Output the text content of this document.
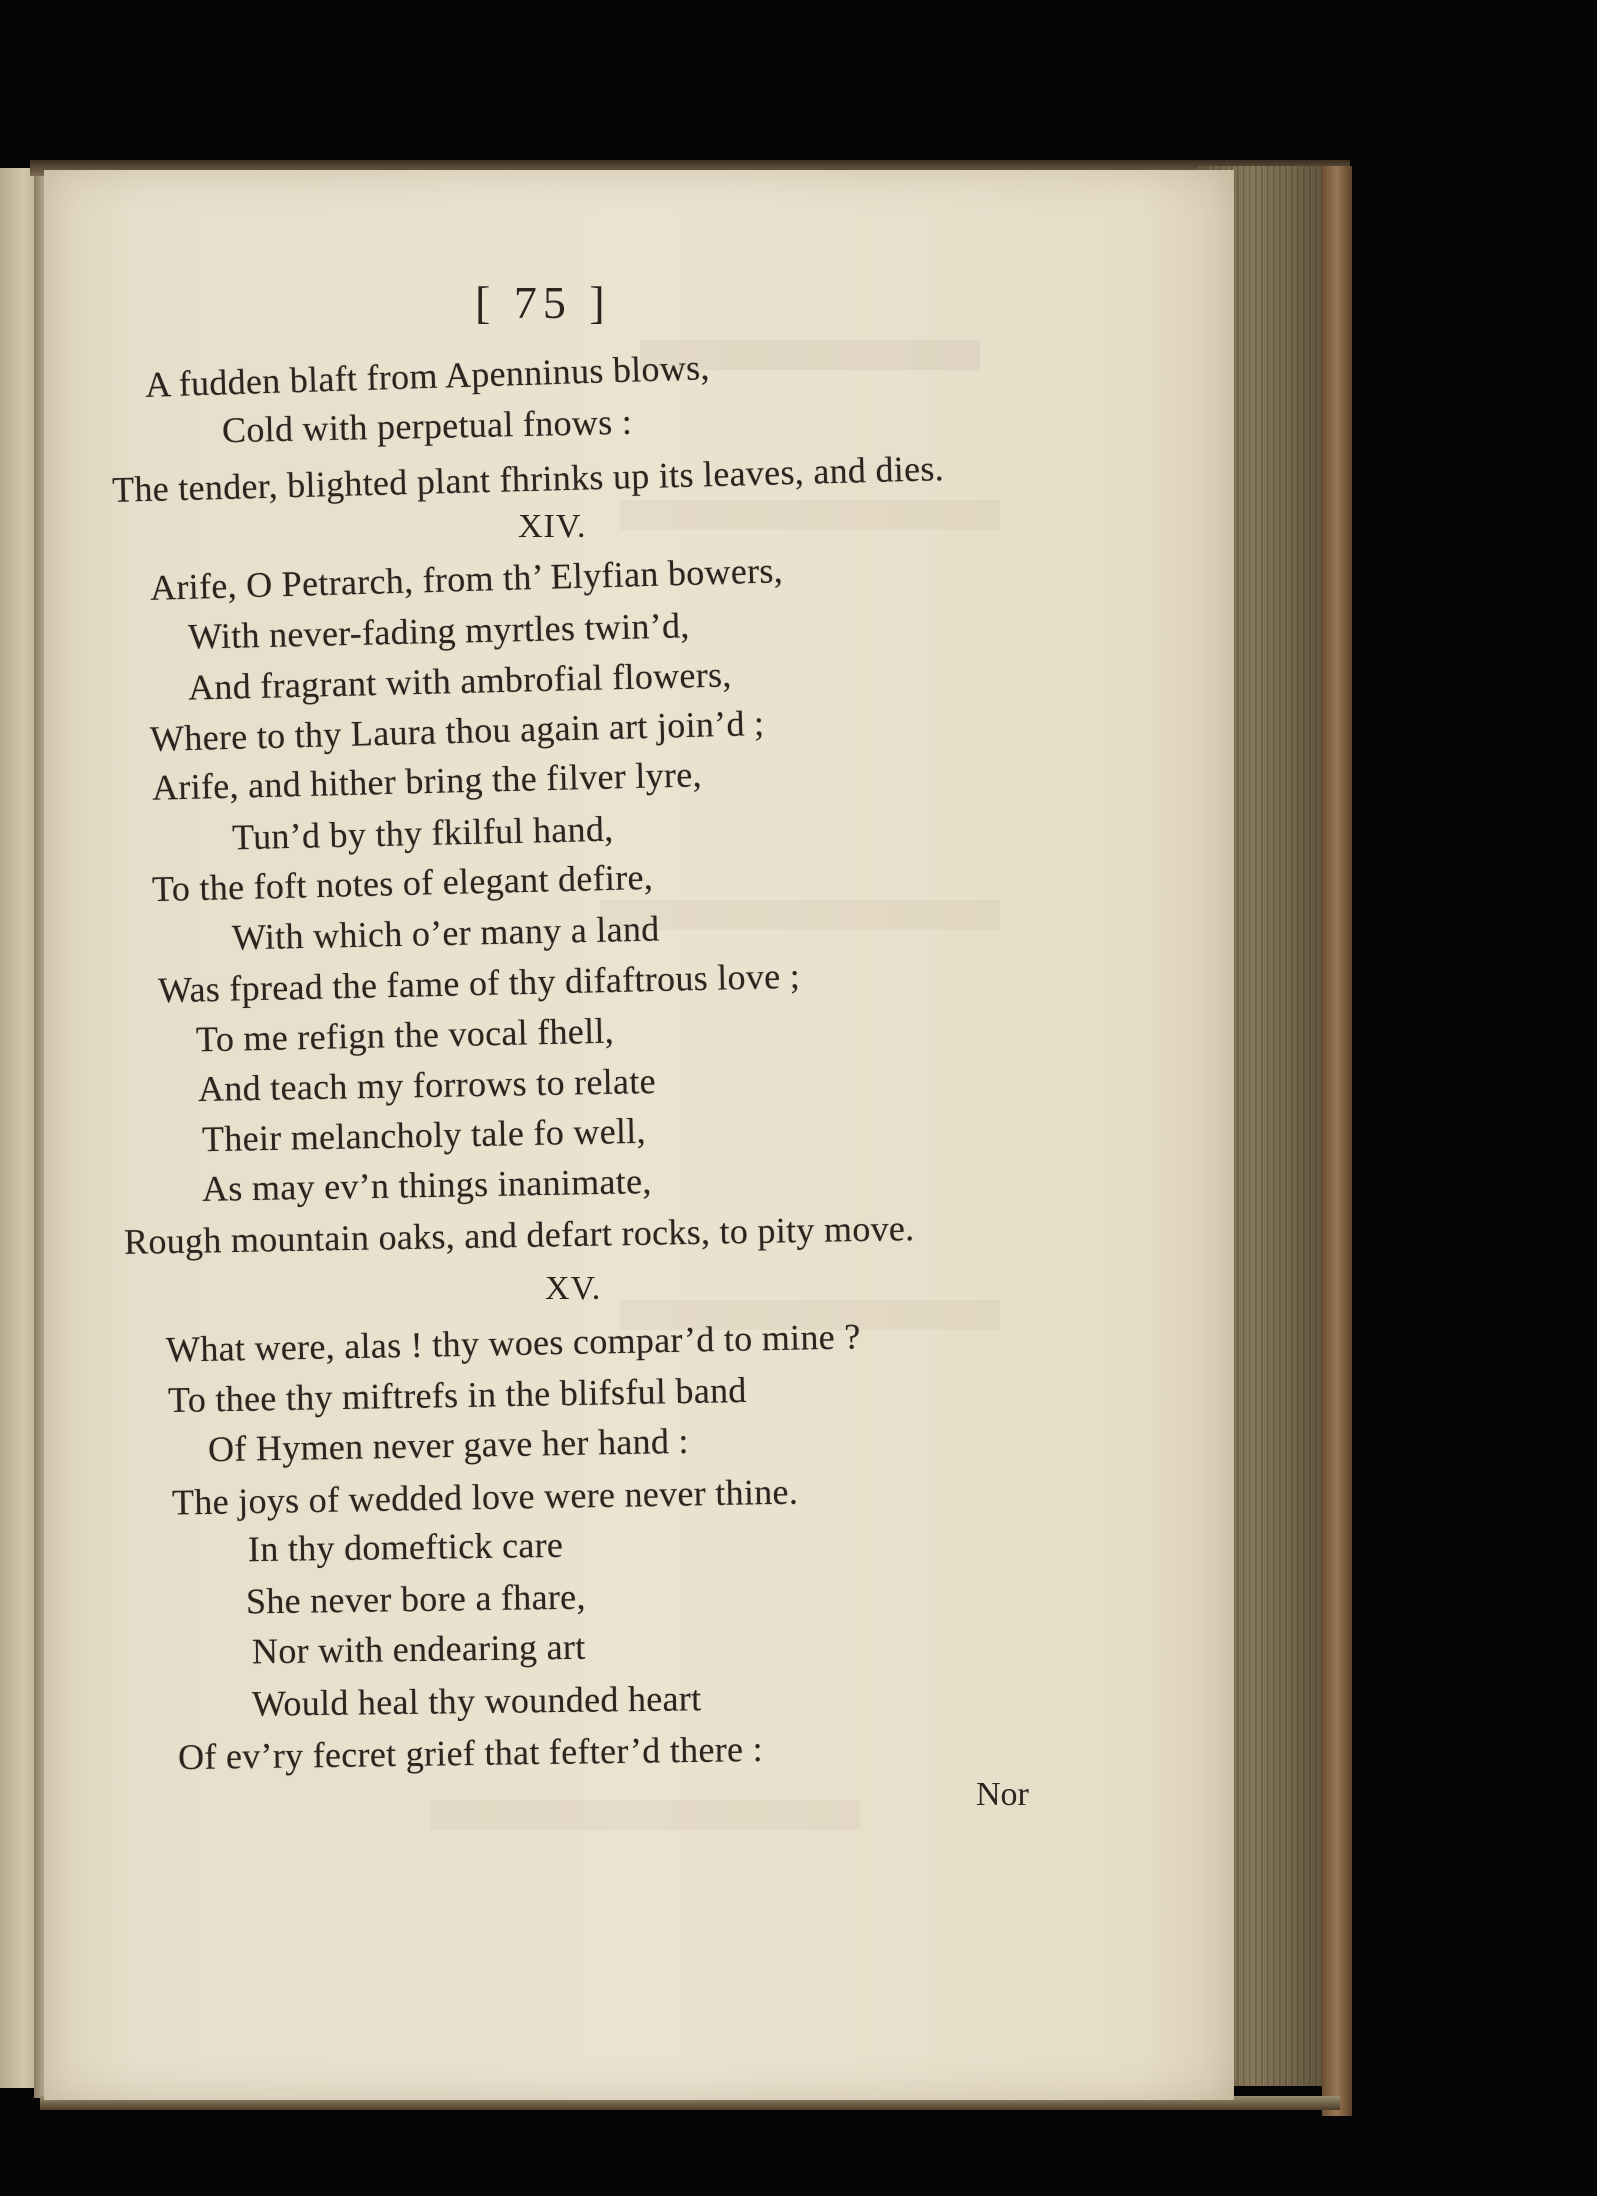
[ 75 ]
A fudden blaft from Apenninus blows,
Cold with perpetual fnows :
The tender, blighted plant fhrinks up its leaves, and dies.
XIV.
Arife, O Petrarch, from th’ Elyfian bowers,
With never-fading myrtles twin’d,
And fragrant with ambrofial flowers,
Where to thy Laura thou again art join’d ;
Arife, and hither bring the filver lyre,
Tun’d by thy fkilful hand,
To the foft notes of elegant defire,
With which o’er many a land
Was fpread the fame of thy difaftrous love ;
To me refign the vocal fhell,
And teach my forrows to relate
Their melancholy tale fo well,
As may ev’n things inanimate,
Rough mountain oaks, and defart rocks, to pity move.
XV.
What were, alas ! thy woes compar’d to mine ?
To thee thy miftrefs in the blifsful band
Of Hymen never gave her hand :
The joys of wedded love were never thine.
In thy domeftick care
She never bore a fhare,
Nor with endearing art
Would heal thy wounded heart
Of ev’ry fecret grief that fefter’d there :
Nor
